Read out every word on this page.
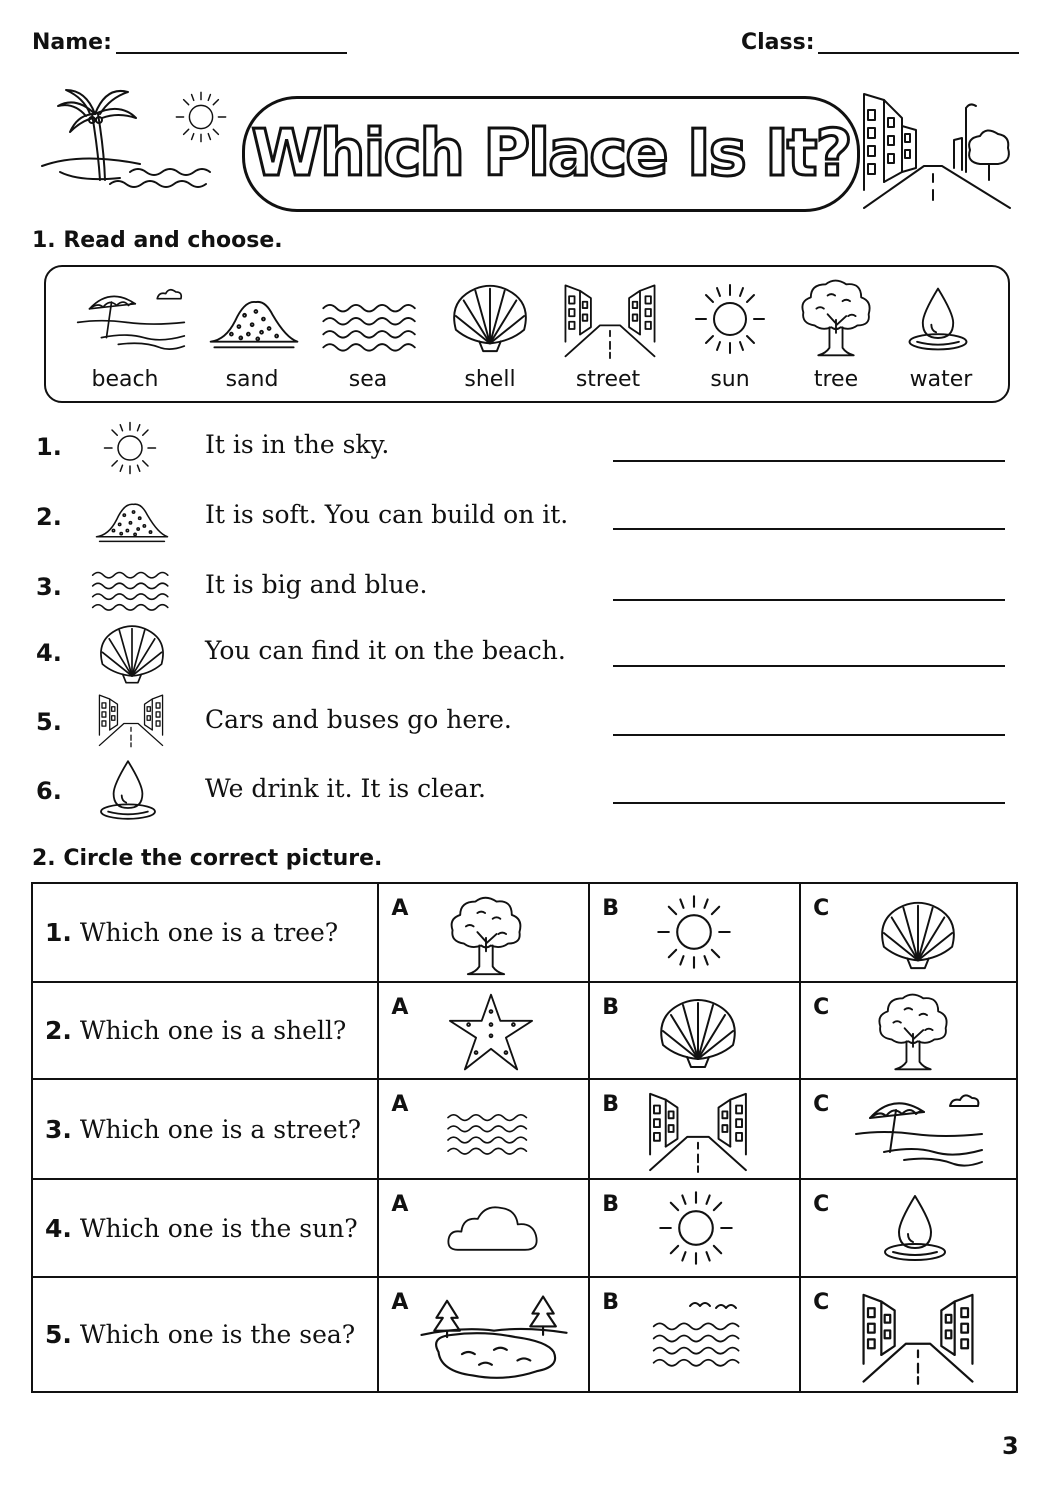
Name:	Class:
Which Place Is It?
1. Read and choose.
beach	sand	sea	shell	street	sun	tree	water
1.	It is in the sky.
2.	It is soft. You can build on it.
3.	It is big and blue.
4.	You can find it on the beach.
5.	Cars and buses go here.
6.	We drink it. It is clear.
2. Circle the correct picture.
1. Which one is a tree?	A	B	C

2. Which one is a shell?	A	B	C

3. Which one is a street?	A	B	C

4. Which one is the sun?	A	B	C

5. Which one is the sea?	A	B	C
3
